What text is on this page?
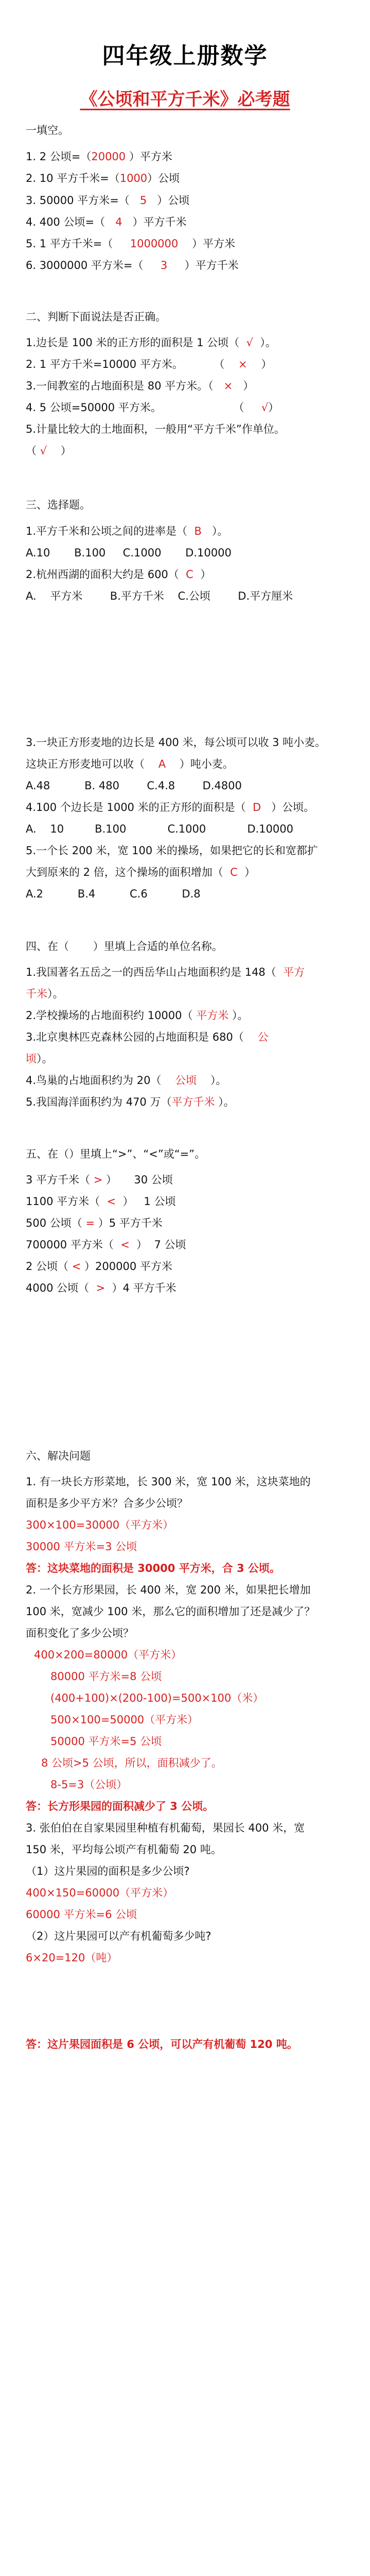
四年级上册数学
《公顷和平方千米》必考题
一填空。
1. 2 公顷=（20000 ）平方米
2. 10 平方千米=（1000）公顷
3. 50000 平方米=（ 5 ）公顷
4. 400 公顷=（ 4 ）平方千米
5. 1 平方千米=（ 1000000 ）平方米
6. 3000000 平方米=（ 3 ）平方千米
二、判断下面说法是否正确。
1.边长是 100 米的正方形的面积是 1 公顷（ √ ）。
2. 1 平方千米=10000 平方米。	（ ×    ）
3.一间教室的占地面积是 80 平方米。（ × ）
4. 5 公顷=50000 平方米。	（ √）
5.计量比较大的土地面积，一般用“平方千米”作单位。
（ √ ）
三、选择题。
1.平方千米和公顷之间的进率是（ B ）。
A.10       B.100     C.1000       D.10000
2.杭州西湖的面积大约是 600（ C ）
A.    平方米        B.平方千米    C.公顷        D.平方厘米
3.一块正方形麦地的边长是 400 米，每公顷可以收 3 吨小麦。
这块正方形麦地可以收（ A ）吨小麦。
A.48          B. 480        C.4.8        D.4800
4.100 个边长是 1000 米的正方形的面积是（ D ）公顷。
A.    10         B.100            C.1000            D.10000
5.一个长 200 米，宽 100 米的操场，如果把它的长和宽都扩
大到原来的 2 倍，这个操场的面积增加（ C ）
A.2          B.4          C.6          D.8
四、在（       ）里填上合适的单位名称。
1.我国著名五岳之一的西岳华山占地面积约是 148（ 平方
千米）。
2.学校操场的占地面积约 10000（ 平方米 ）。
3.北京奥林匹克森林公园的占地面积是 680（ 公
顷）。
4.鸟巢的占地面积约为 20（ 公顷 ）。
5.我国海洋面积约为 470 万（平方千米 ）。
五、在（）里填上“>”、“<”或“=”。
3 平方千米（ > ）     30 公顷
1100 平方米（ < ）   1 公顷
500 公顷（ = ）5 平方千米
700000 平方米（ < ）  7 公顷
2 公顷（ < ）200000 平方米
4000 公顷（ > ）4 平方千米
六、解决问题
1. 有一块长方形菜地，长 300 米，宽 100 米，这块菜地的
面积是多少平方米？合多少公顷？
300×100=30000（平方米）
30000 平方米=3 公顷
答：这块菜地的面积是 30000 平方米，合 3 公顷。
2. 一个长方形果园，长 400 米，宽 200 米，如果把长增加
100 米，宽减少 100 米，那么它的面积增加了还是减少了？
面积变化了多少公顷？
400×200=80000（平方米）
80000 平方米=8 公顷
(400+100)×(200-100)=500×100（米）
500×100=50000（平方米）
50000 平方米=5 公顷
8 公顷>5 公顷，所以，面积减少了。
8-5=3（公顷）
答：长方形果园的面积减少了 3 公顷。
3. 张伯伯在自家果园里种植有机葡萄，果园长 400 米，宽
150 米，平均每公顷产有机葡萄 20 吨。
（1）这片果园的面积是多少公顷?
400×150=60000（平方米）
60000 平方米=6 公顷
（2）这片果园可以产有机葡萄多少吨?
6×20=120（吨）
答：这片果园面积是 6 公顷，可以产有机葡萄 120 吨。
